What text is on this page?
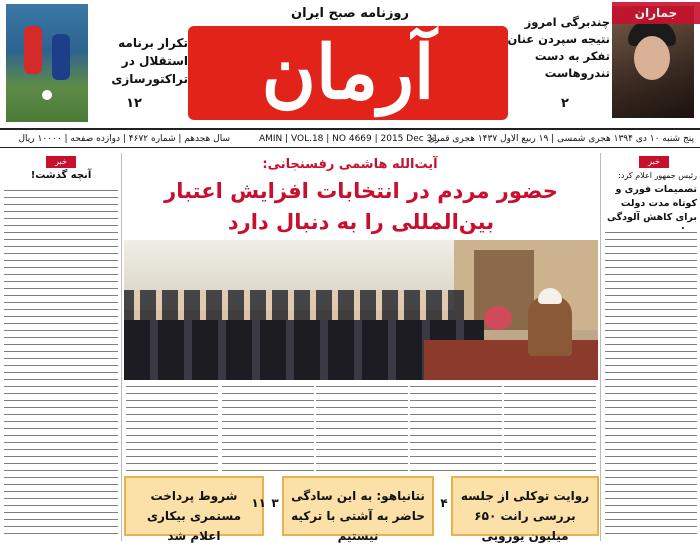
روزنامه صبح ایران
آرمان
جماران
چندبرگی امروز نتیجه سپردن عنان تفکر به دست تندروهاست
۲
تکرار برنامه استقلال در تراکتورسازی
۱۲
پنج شنبه ۱۰ دی ۱۳۹۴ هجری شمسی | ۱۹ ربیع الاول ۱۴۳۷ هجری قمری
AMIN | VOL.18 | NO 4669 | 2015 Dec 31
سال هجدهم | شماره ۴۶۷۲ | دوازده صفحه | ۱۰۰۰۰ ریال
خبر
رئیس جمهور اعلام کرد:
تصمیمات فوری و کوتاه مدت دولت برای کاهش آلودگی
خبر
آنچه گذشت!
آیت‌الله هاشمی رفسنجانی:
حضور مردم در انتخابات افزایش اعتبار بین‌المللی را به دنبال دارد
روایت توکلی از جلسه بررسی رانت ۶۵۰ میلیون یورویی
۴
نتانیاهو: به این سادگی حاضر به آشتی با ترکیه نیستیم
۳
شروط پرداخت مستمری بیکاری اعلام شد
۱۱
